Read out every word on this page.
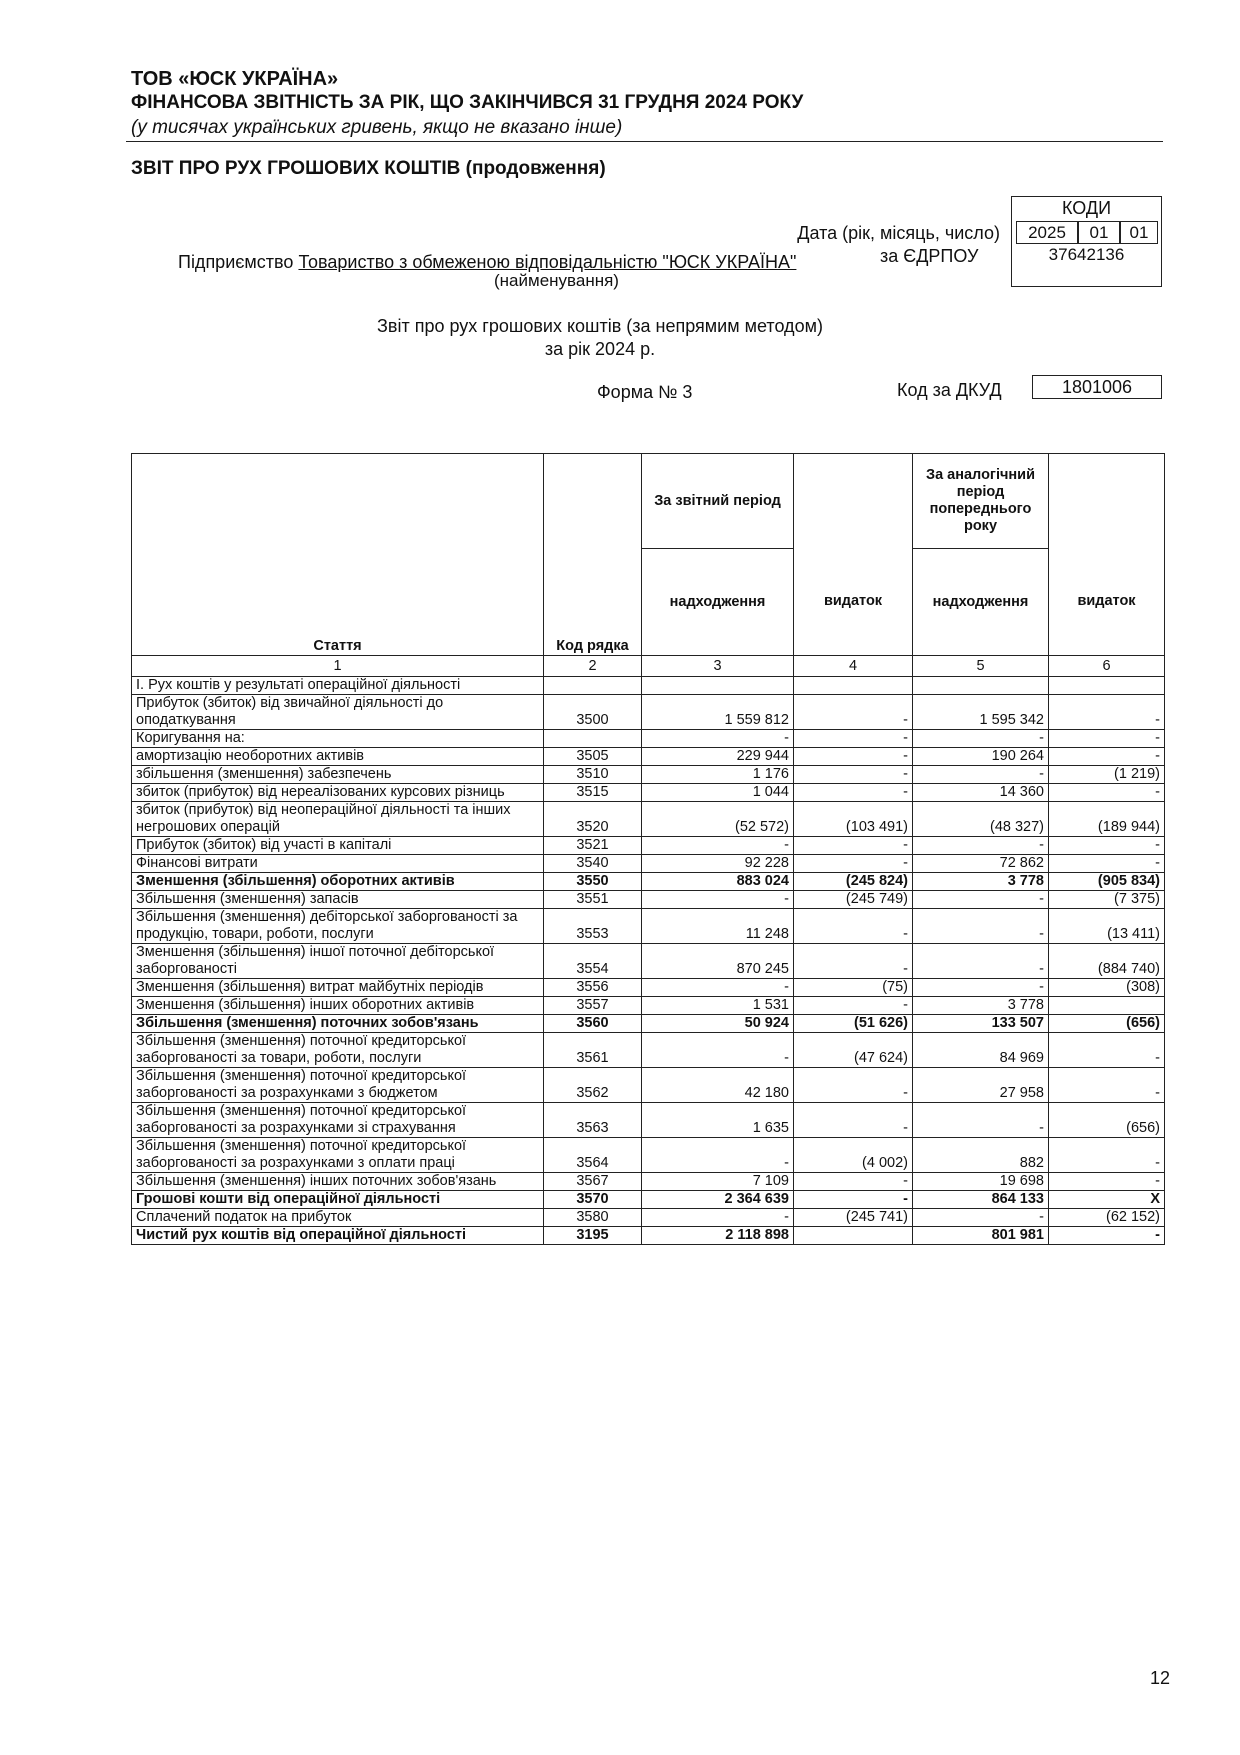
ТОВ «ЮСК УКРАЇНА»
ФІНАНСОВА ЗВІТНІСТЬ ЗА РІК, ЩО ЗАКІНЧИВСЯ 31 ГРУДНЯ 2024 РОКУ
(у тисячах українських гривень, якщо не вказано інше)
ЗВІТ ПРО РУХ ГРОШОВИХ КОШТІВ (продовження)
КОДИ
2025	01	01
37642136
Дата (рік, місяць, число)
Підприємство Товариство з обмеженою відповідальністю "ЮСК УКРАЇНА"	за ЄДРПОУ
(найменування)
Звіт про рух грошових коштів (за непрямим методом)
за рік 2024 р.
Форма № 3	Код за ДКУД	1801006
Стаття	Код рядка	За звітний період		За аналогічний період попереднього року	
		надходження	видаток	надходження	видаток
1	2	3	4	5	6
I. Рух коштів у результаті операційної діяльності					
Прибуток (збиток) від звичайної діяльності до оподаткування	3500	1 559 812	-	1 595 342	-
Коригування на:		-	-	-	-
амортизацію необоротних активів	3505	229 944	-	190 264	-
збільшення (зменшення) забезпечень	3510	1 176	-	-	(1 219)
збиток (прибуток) від нереалізованих курсових різниць	3515	1 044	-	14 360	-
збиток (прибуток) від неопераційної діяльності та інших негрошових операцій	3520	(52 572)	(103 491)	(48 327)	(189 944)
Прибуток (збиток) від участі в капіталі	3521	-	-	-	-
Фінансові витрати	3540	92 228	-	72 862	-
Зменшення (збільшення) оборотних активів	3550	883 024	(245 824)	3 778	(905 834)
Збільшення (зменшення) запасів	3551	-	(245 749)	-	(7 375)
Збільшення (зменшення) дебіторської заборгованості за продукцію, товари, роботи, послуги	3553	11 248	-	-	(13 411)
Зменшення (збільшення) іншої поточної дебіторської заборгованості	3554	870 245	-	-	(884 740)
Зменшення (збільшення) витрат майбутніх періодів	3556	-	(75)	-	(308)
Зменшення (збільшення) інших оборотних активів	3557	1 531	-	3 778	
Збільшення (зменшення) поточних зобов'язань	3560	50 924	(51 626)	133 507	(656)
Збільшення (зменшення) поточної кредиторської заборгованості за товари, роботи, послуги	3561	-	(47 624)	84 969	-
Збільшення (зменшення) поточної кредиторської заборгованості за розрахунками з бюджетом	3562	42 180	-	27 958	-
Збільшення (зменшення) поточної кредиторської заборгованості за розрахунками зі страхування	3563	1 635	-	-	(656)
Збільшення (зменшення) поточної кредиторської заборгованості за розрахунками з оплати праці	3564	-	(4 002)	882	-
Збільшення (зменшення) інших поточних зобов'язань	3567	7 109	-	19 698	-
Грошові кошти від операційної діяльності	3570	2 364 639	-	864 133	X
Сплачений податок на прибуток	3580	-	(245 741)	-	(62 152)
Чистий рух коштів від операційної діяльності	3195	2 118 898		801 981	-
12
